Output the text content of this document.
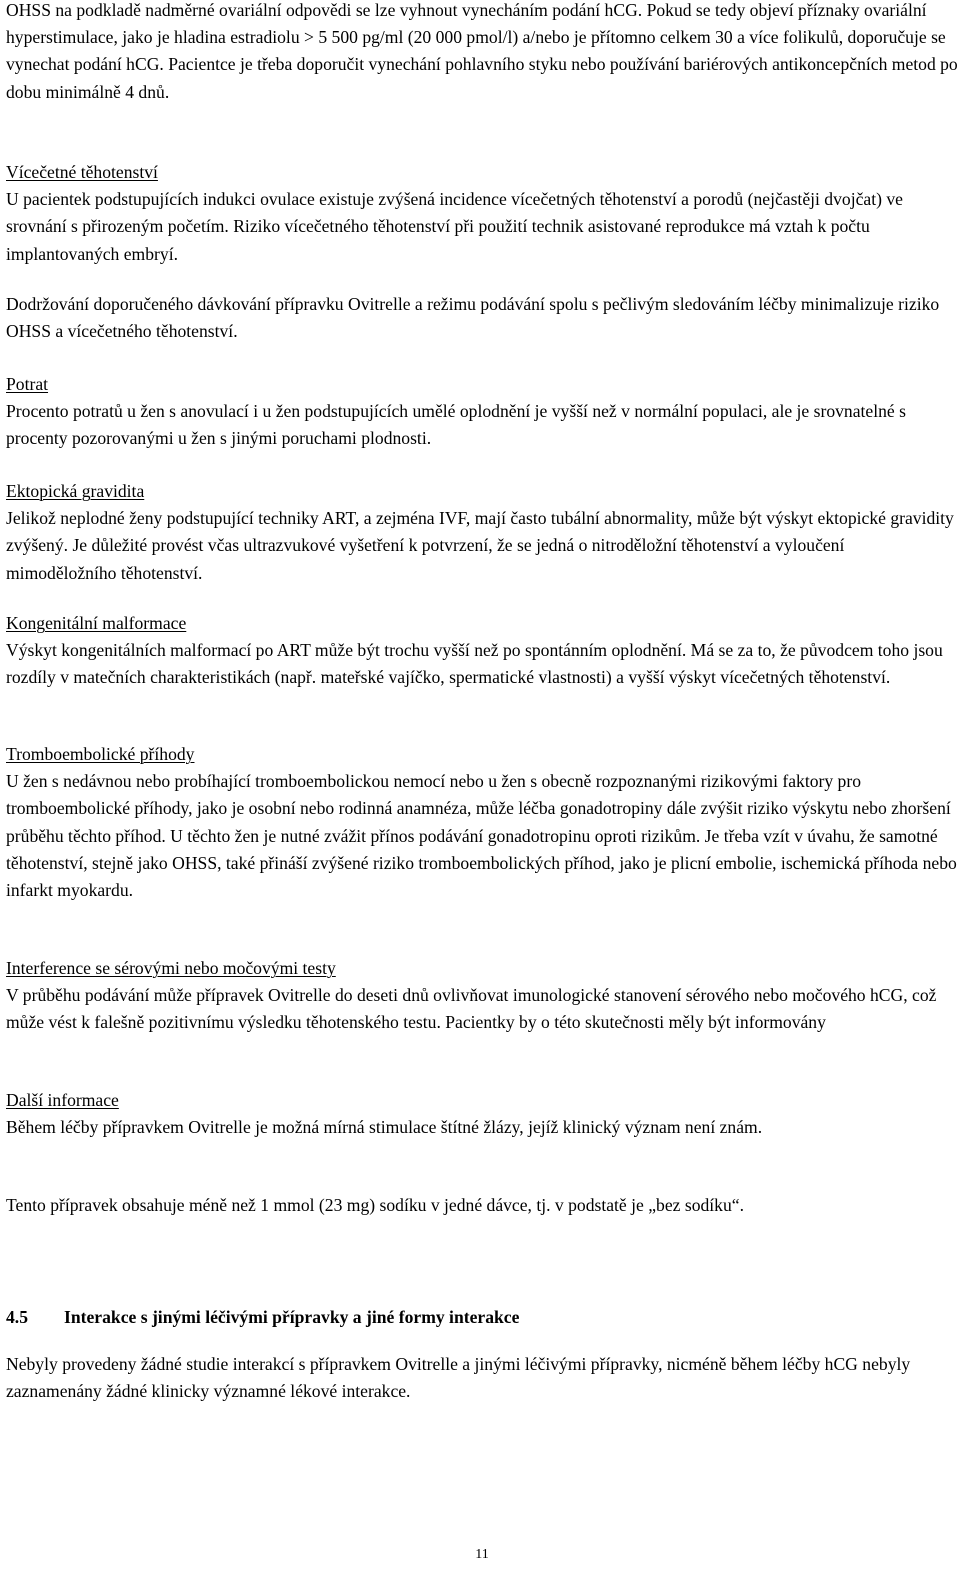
OHSS na podkladě nadměrné ovariální odpovědi se lze vyhnout vynecháním podání hCG. Pokud se tedy objeví příznaky ovariální hyperstimulace, jako je hladina estradiolu > 5 500 pg/ml (20 000 pmol/l) a/nebo je přítomno celkem 30 a více folikulů, doporučuje se vynechat podání hCG. Pacientce je třeba doporučit vynechání pohlavního styku nebo používání bariérových antikoncepčních metod po dobu minimálně 4 dnů.

Vícečetné těhotenství

U pacientek podstupujících indukci ovulace existuje zvýšená incidence vícečetných těhotenství a porodů (nejčastěji dvojčat) ve srovnání s přirozeným početím. Riziko vícečetného těhotenství při použití technik asistované reprodukce má vztah k počtu implantovaných embryí.

Dodržování doporučeného dávkování přípravku Ovitrelle a režimu podávání spolu s pečlivým sledováním léčby minimalizuje riziko OHSS a vícečetného těhotenství.

Potrat

Procento potratů u žen s anovulací i u žen podstupujících umělé oplodnění je vyšší než v normální populaci, ale je srovnatelné s procenty pozorovanými u žen s jinými poruchami plodnosti.

Ektopická gravidita

Jelikož neplodné ženy podstupující techniky ART, a zejména IVF, mají často tubální abnormality, může být výskyt ektopické gravidity zvýšený. Je důležité provést včas ultrazvukové vyšetření k potvrzení, že se jedná o nitroděložní těhotenství a vyloučení mimoděložního těhotenství.

Kongenitální malformace

Výskyt kongenitálních malformací po ART může být trochu vyšší než po spontánním oplodnění. Má se za to, že původcem toho jsou rozdíly v matečních charakteristikách (např. mateřské vajíčko, spermatické vlastnosti) a vyšší výskyt vícečetných těhotenství.

Tromboembolické příhody

U žen s nedávnou nebo probíhající tromboembolickou nemocí nebo u žen s obecně rozpoznanými rizikovými faktory pro tromboembolické příhody, jako je osobní nebo rodinná anamnéza, může léčba gonadotropiny dále zvýšit riziko výskytu nebo zhoršení průběhu těchto příhod. U těchto žen je nutné zvážit přínos podávání gonadotropinu oproti rizikům. Je třeba vzít v úvahu, že samotné těhotenství, stejně jako OHSS, také přináší zvýšené riziko tromboembolických příhod, jako je plicní embolie, ischemická příhoda nebo infarkt myokardu.

Interference se sérovými nebo močovými testy

V průběhu podávání může přípravek Ovitrelle do deseti dnů ovlivňovat imunologické stanovení sérového nebo močového hCG, což může vést k falešně pozitivnímu výsledku těhotenského testu. Pacientky by o této skutečnosti měly být informovány

Další informace

Během léčby přípravkem Ovitrelle je možná mírná stimulace štítné žlázy, jejíž klinický význam není znám.

Tento přípravek obsahuje méně než 1 mmol (23 mg) sodíku v jedné dávce, tj. v podstatě je „bez sodíku“.

4.5 Interakce s jinými léčivými přípravky a jiné formy interakce

Nebyly provedeny žádné studie interakcí s přípravkem Ovitrelle a jinými léčivými přípravky, nicméně během léčby hCG nebyly zaznamenány žádné klinicky významné lékové interakce.

11
